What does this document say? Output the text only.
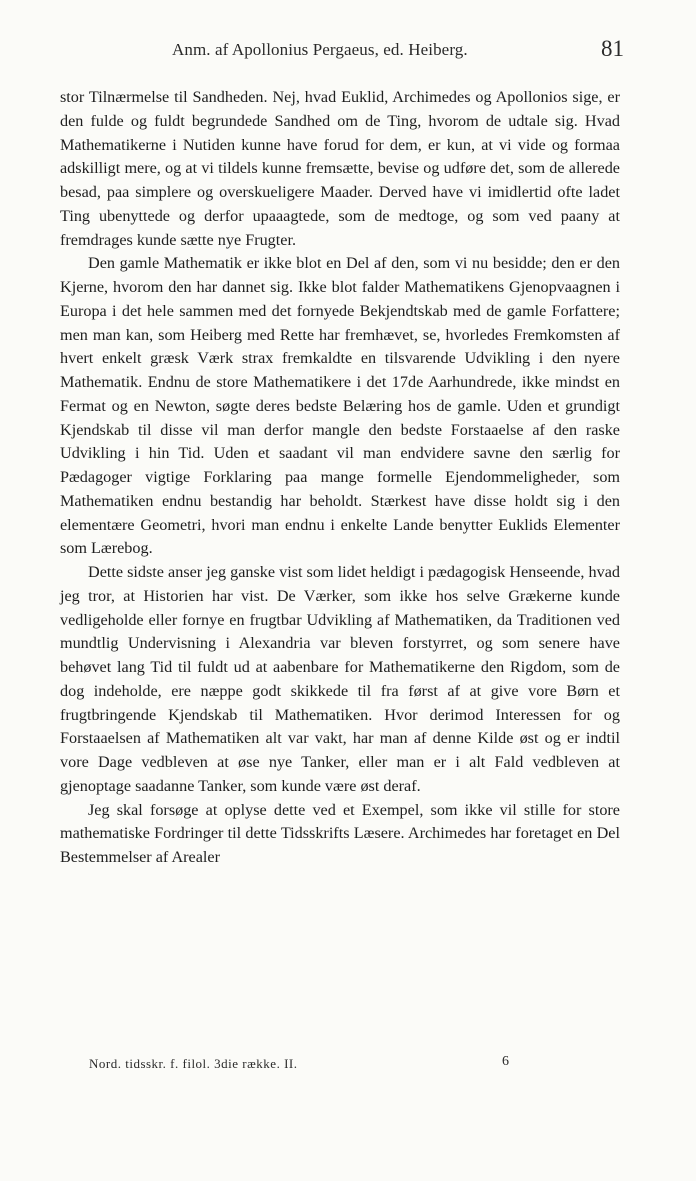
Anm. af Apollonius Pergaeus, ed. Heiberg.	81

stor Tilnærmelse til Sandheden. Nej, hvad Euklid, Archimedes og Apollonios sige, er den fulde og fuldt begrundede Sandhed om de Ting, hvorom de udtale sig. Hvad Mathematikerne i Nutiden kunne have forud for dem, er kun, at vi vide og formaa adskilligt mere, og at vi tildels kunne fremsætte, bevise og udføre det, som de allerede besad, paa simplere og overskueligere Maader. Derved have vi imidlertid ofte ladet Ting ubenyttede og derfor upaaagtede, som de medtoge, og som ved paany at fremdrages kunde sætte nye Frugter.

Den gamle Mathematik er ikke blot en Del af den, som vi nu besidde; den er den Kjerne, hvorom den har dannet sig. Ikke blot falder Mathematikens Gjenopvaagnen i Europa i det hele sammen med det fornyede Bekjendtskab med de gamle Forfattere; men man kan, som Heiberg med Rette har fremhævet, se, hvorledes Fremkomsten af hvert enkelt græsk Værk strax fremkaldte en tilsvarende Udvikling i den nyere Mathematik. Endnu de store Mathematikere i det 17de Aarhundrede, ikke mindst en Fermat og en Newton, søgte deres bedste Belæring hos de gamle. Uden et grundigt Kjendskab til disse vil man derfor mangle den bedste Forstaaelse af den raske Udvikling i hin Tid. Uden et saadant vil man endvidere savne den særlig for Pædagoger vigtige Forklaring paa mange formelle Ejendommeligheder, som Mathematiken endnu bestandig har beholdt. Stærkest have disse holdt sig i den elementære Geometri, hvori man endnu i enkelte Lande benytter Euklids Elementer som Lærebog.

Dette sidste anser jeg ganske vist som lidet heldigt i pædagogisk Henseende, hvad jeg tror, at Historien har vist. De Værker, som ikke hos selve Grækerne kunde vedligeholde eller fornye en frugtbar Udvikling af Mathematiken, da Traditionen ved mundtlig Undervisning i Alexandria var bleven forstyrret, og som senere have behøvet lang Tid til fuldt ud at aabenbare for Mathematikerne den Rigdom, som de dog indeholde, ere næppe godt skikkede til fra først af at give vore Børn et frugtbringende Kjendskab til Mathematiken. Hvor derimod Interessen for og Forstaaelsen af Mathematiken alt var vakt, har man af denne Kilde øst og er indtil vore Dage vedbleven at øse nye Tanker, eller man er i alt Fald vedbleven at gjenoptage saadanne Tanker, som kunde være øst deraf.

Jeg skal forsøge at oplyse dette ved et Exempel, som ikke vil stille for store mathematiske Fordringer til dette Tidsskrifts Læsere. Archimedes har foretaget en Del Bestemmelser af Arealer

Nord. tidsskr. f. filol. 3die række. II.	6
